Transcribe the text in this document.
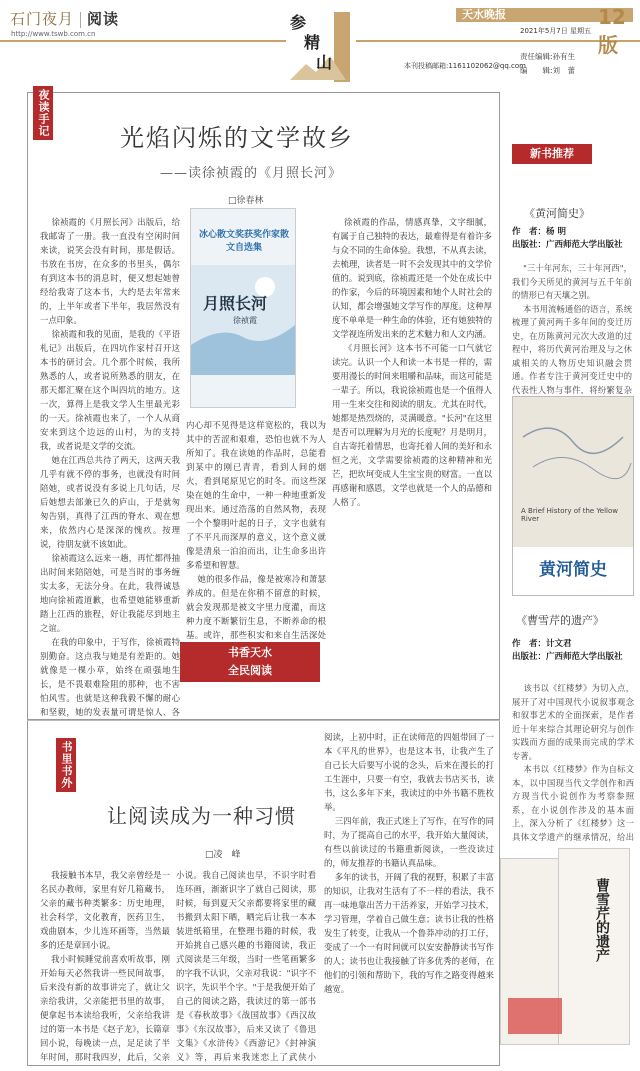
石门夜月 阅读
http://www.tswb.com.cn
参
精
山
天水晚报	12版
2021年5月7日 星期五
责任编辑:孙有生
编　　辑:刘　蕾
本刊投稿邮箱:1161102062@qq.com
夜读手记
光焰闪烁的文学故乡
——读徐祯霞的《月照长河》
□徐春林
冰心散文奖获奖作家散文自选集
月照长河
徐祯霞
徐祯霞的《月照长河》出版后，给我邮寄了一册。我一直没有空闲时间来读，说笑会没有时间，那是假话。书放在书房，在众多的书里头，偶尔有到这本书的消息时，便又想起她曾经给我寄了这本书，大约是去年常来的，上半年或者下半年，我居然没有一点印象。
徐祯霞和我的见面，是我的《平语札记》出版后，在四坑作家村召开这本书的研讨会。几个那个时候，我所熟悉的人，或者说所熟悉的朋友，在那天都汇聚在这个叫四坑的地方。这一次，算得上是我文学人生里最光彩的一天。徐祯霞也来了，一个人从商安来到这个边远的山村，为的支持我，或者说是文学的交流。
她在江西总共待了两天，这两天我几乎有就不停的事务，也就没有时间陪她，或者说没有多说上几句话，尽后她想去部兼已久的庐山，于是就匆匆告别，真得了江西的脊水、观在想来，依然内心是深深的愧疚。按理说，待朋友就不该如此。
徐祯霞这么远来一趟，再忙都得抽出时间来陪陪她，可是当时的事务缠实太多，无法分身。在此，我得诚恳地向徐祯霞道歉，也希望她能够重新踏上江西的旅程，好让我能尽到地主之谊。
在我的印象中，于写作，徐祯霞特别勤奋。这点我与她是有差距的。她就像是一棵小草，始终在顽强地生长，是不畏艰难险阻的那种，也不害怕风雪。也就是这种我毅不懈的耐心和坚毅，她的发表量可谓是惊人、各

内心却不见得是这样宽松的，我以为其中的苦涩和艰难，恐怕也就不为人所知了。我在读她的作品时，总能看到某中的刚已青青，看到人间的烟火，看到尾原见它的时冬。而这些深染在她的生命中，一种一种地重新发现出来。通过浩荡的自然风物，表现一个个黎明叶起的日子，文字也就有了不平凡而深厚的意义，这个意义就像是清泉一泊泊而出，让生命多出许多希望和智慧。
她的很多作品，像是被寒冷和萧瑟养成的。但是在你稍不留意的时候，就会发现那是被文字里力度灌，而这种力度不断繁衍生息，不断养命的根基。或许，那些积实和来自生活深处
徐祯霞的作品，情感真挚，文字细腻，有属于自己独特的表达，最难得是有着许多与众不同的生命体验。我想，不从真去读，去梳理，读者是一时不会发现其中的文学价值的。说到底，徐祯霞还是一个处在成长中的作家，今后的环境因素和她个人时社会的认知，都会增强她文学写作的厚度。这种厚度不单单是一种生命的体验，还有她独特的文学视连所发出来的艺术魅力和人文内涵。
《月照长河》这本书不可能一口气就它读完。认识一个人和读一本书是一样的，需要用漫长的时间来咀嚼和品味，而这可能是一辈子。所以，我说徐祯霞也是一个值得人用一生来交往和阅读的朋友。尤其在时代，她都是热烈烧的，灵满暖意。"长河"在这里是否可以理解为月光的长度呢？月是明月，自古寄托着情思，也寄托着人间的美好和永恒之光，文学需要徐祯霞的这种精神和光芒，把坎坷变成人生宝宝贵的财富。一直以再感谢和感恩，文学也就是一个人的品德和人格了。
书香天水
全民阅读
书里书外
让阅读成为一种习惯
□凌　峰
我接触书本早，我父亲曾经是一名民办教师，家里有好几箱藏书，父亲的藏书种类繁多：历史地理，社会科学，文化教育，医药卫生，戏曲剧本，少儿连环画等，当然最多的还是章回小说。
我小时候睡觉前喜欢听故事，刚开始每天必然我讲一些民间故事，后来没有新的故事讲完了，就让父亲给我讲，父亲能把书里的故事，便拿起书本读给我听，父亲给我讲过的第一本书是《赵子龙》，长篇章回小说，每晚读一点，足足读了半年时间，那时我四岁，此后，父亲
小说。我自己阅读也早，不识字时看连环画，渐渐识字了就自己阅读，那时候，每到夏天父亲都要将家里的藏书搬到太阳下晒，晒完后让我一本本装进纸箱里，在整理书籍的时候，我开始挑自己感兴趣的书籍阅读，我正式阅读是三年级，当时一些笔画繁多的字我不认识，父亲对我说："识字不识字，先识半个字。"于是我便开始了自己的阅读之路，我读过的第一部书是《春秋故事》《战国故事》《西汉故事》《东汉故事》，后来又读了《鲁迅文集》《水浒传》《西游记》《封神演义》等，再后来我迷恋上了武侠小
阅读，上初中时，正在读师范的四姐带回了一本《平凡的世界》，也是这本书，让我产生了自己长大后要写小说的念头，后来在漫长的打工生涯中，只要一有空，我就去书店买书，读书，这么多年下来，我读过的中外书籍不胜枚举。
三四年前，我正式迷上了写作，在写作的同时，为了提高自己的水平，我开始大量阅读，有些以前读过的书籍重新阅读，一些没读过的，师友推荐的书籍认真品味。
多年的读书，开阔了我的视野，积累了丰富的知识，让我对生活有了不一样的看法，我不再一味地靠出苦力干活养家，开始学习技术，学习管理，学着自己做生意；读书让我的性格发生了转变，让我从一个鲁莽冲动的打工仔，变成了一个一有时间就可以安安静静读书写作的人；读书也让我接触了许多优秀的老师，在他们的引领和帮助下，我的写作之路变得越来越宽。
新书推荐
《黄河简史》
作　者：杨 明
出版社：广西师范大学出版社
"三十年河东，三十年河西"，我们今天所见的黄河与五千年前的情形已有天壤之别。
本书用流畅通俗的语言，系统梳理了黄河两千多年间的变迁历史，在历陈黄河元次大改道的过程中，将历代黄河治理及与之休戚相关的人物历史知识融会贯通。作者专注于黄河变迁史中的代表性人物与事件，将纷繁复杂
A Brief History of the Yellow River
黄河简史
《曹雪芹的遗产》
作　者：计文君
出版社：广西师范大学出版社
该书以《红楼梦》为切入点，展开了对中国现代小说叙事观念和叙事艺术的全面探索，是作者近十年来综合其理论研究与创作实践而方面的成果而完成的学术专著。
本书以《红楼梦》作为自标文本，以中国现当代文学创作和西方现当代小说创作为考察参照系，在小说创作涉及的基本面上，深入分析了《红楼梦》这一具体文学遗产的继承情况，给出
曹雪芹的遗产
